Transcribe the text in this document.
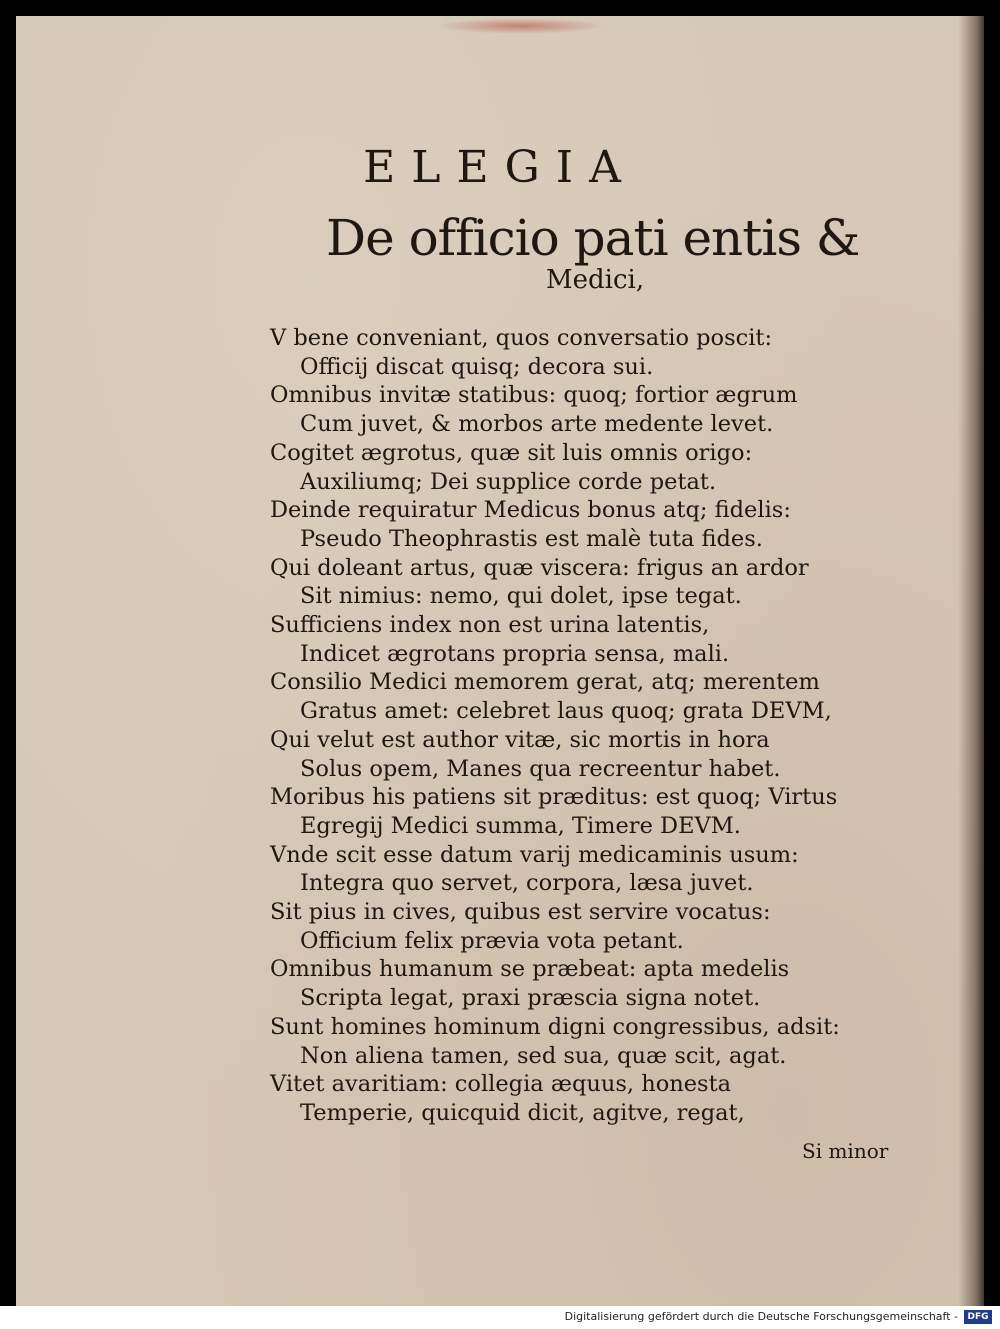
ELEGIA
De officio pati entis &
Medici,
V bene conveniant, quos conversatio poscit:
Officij discat quisq; decora sui.
Omnibus invitæ statibus: quoq; fortior ægrum
Cum juvet, & morbos arte medente levet.
Cogitet ægrotus, quæ sit luis omnis origo:
Auxiliumq; Dei supplice corde petat.
Deinde requiratur Medicus bonus atq; fidelis:
Pseudo Theophrastis est malè tuta fides.
Qui doleant artus, quæ viscera: frigus an ardor
Sit nimius: nemo, qui dolet, ipse tegat.
Sufficiens index non est urina latentis,
Indicet ægrotans propria sensa, mali.
Consilio Medici memorem gerat, atq; merentem
Gratus amet: celebret laus quoq; grata DEVM,
Qui velut est author vitæ, sic mortis in hora
Solus opem, Manes qua recreentur habet.
Moribus his patiens sit præditus: est quoq; Virtus
Egregij Medici summa, Timere DEVM.
Vnde scit esse datum varij medicaminis usum:
Integra quo servet, corpora, læsa juvet.
Sit pius in cives, quibus est servire vocatus:
Officium felix prævia vota petant.
Omnibus humanum se præbeat: apta medelis
Scripta legat, praxi præscia signa notet.
Sunt homines hominum digni congressibus, adsit:
Non aliena tamen, sed sua, quæ scit, agat.
Vitet avaritiam: collegia æquus, honesta
Temperie, quicquid dicit, agitve, regat,
Si minor
Digitalisierung gefördert durch die Deutsche Forschungsgemeinschaft -	DFG
